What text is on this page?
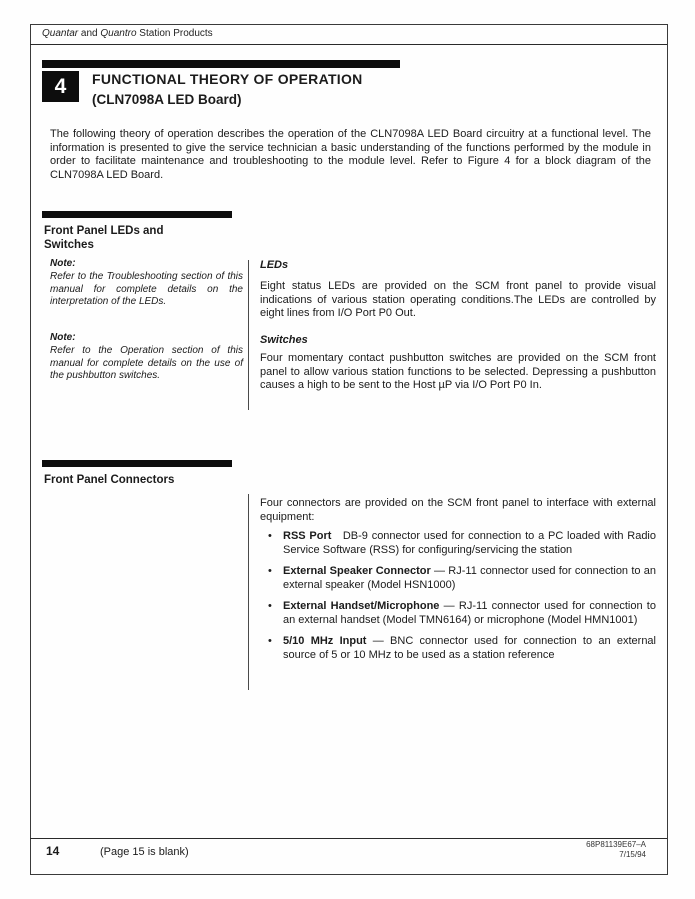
Quantar and Quantro Station Products
4 FUNCTIONAL THEORY OF OPERATION
(CLN7098A LED Board)
The following theory of operation describes the operation of the CLN7098A LED Board circuitry at a functional level. The information is presented to give the service technician a basic understanding of the functions performed by the module in order to facilitate maintenance and troubleshooting to the module level. Refer to Figure 4 for a block diagram of the CLN7098A LED Board.
Front Panel LEDs and Switches
Note:
Refer to the Troubleshooting section of this manual for complete details on the interpretation of the LEDs.
Note:
Refer to the Operation section of this manual for complete details on the use of the pushbutton switches.
LEDs
Eight status LEDs are provided on the SCM front panel to provide visual indications of various station operating conditions.The LEDs are controlled by eight lines from I/O Port P0 Out.
Switches
Four momentary contact pushbutton switches are provided on the SCM front panel to allow various station functions to be selected. Depressing a pushbutton causes a high to be sent to the Host µP via I/O Port P0 In.
Front Panel Connectors
Four connectors are provided on the SCM front panel to interface with external equipment:
•	RSS Port DB-9 connector used for connection to a PC loaded with Radio Service Software (RSS) for configuring/servicing the station
•	External Speaker Connector — RJ-11 connector used for connection to an external speaker (Model HSN1000)
•	External Handset/Microphone — RJ-11 connector used for connection to an external handset (Model TMN6164) or microphone (Model HMN1001)
•	5/10 MHz Input — BNC connector used for connection to an external source of 5 or 10 MHz to be used as a station reference
14	(Page 15 is blank)
68P81139E67–A
7/15/94
